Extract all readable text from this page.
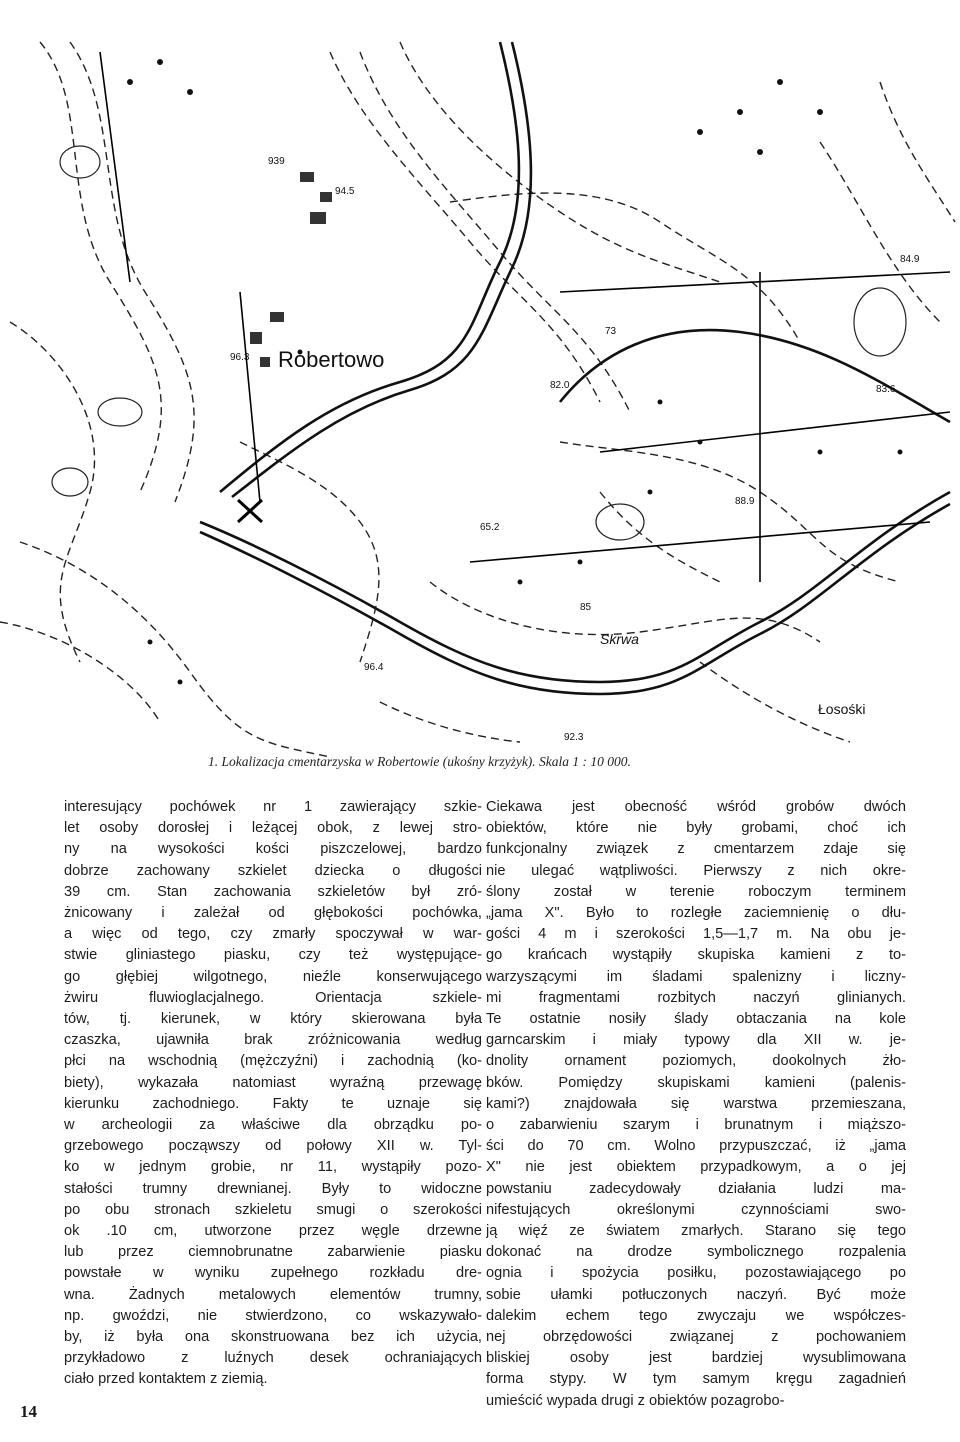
Robertowo
Skrwa
Łosośki
939
94.5
96.3
73
82.0
84.9
83.6
88.9
65.2
85
96.4
92.3
1. Lokalizacja cmentarzyska w Robertowie (ukośny krzyżyk). Skala 1 : 10 000.
interesujący pochówek nr 1 zawierający szkie-
let osoby dorosłej i leżącej obok, z lewej stro-
ny na wysokości kości piszczelowej, bardzo
dobrze zachowany szkielet dziecka o długości
39 cm. Stan zachowania szkieletów był zró-
żnicowany i zależał od głębokości pochówka,
a więc od tego, czy zmarły spoczywał w war-
stwie gliniastego piasku, czy też występujące-
go głębiej wilgotnego, nieźle konserwującego
żwiru fluwioglacjalnego. Orientacja szkiele-
tów, tj. kierunek, w który skierowana była
czaszka, ujawniła brak zróżnicowania według
płci na wschodnią (mężczyźni) i zachodnią (ko-
biety), wykazała natomiast wyraźną przewagę
kierunku zachodniego. Fakty te uznaje się
w archeologii za właściwe dla obrządku po-
grzebowego począwszy od połowy XII w. Tyl-
ko w jednym grobie, nr 11, wystąpiły pozo-
stałości trumny drewnianej. Były to widoczne
po obu stronach szkieletu smugi o szerokości
ok .10 cm, utworzone przez węgle drzewne
lub przez ciemnobrunatne zabarwienie piasku
powstałe w wyniku zupełnego rozkładu dre-
wna. Żadnych metalowych elementów trumny,
np. gwoździ, nie stwierdzono, co wskazywało-
by, iż była ona skonstruowana bez ich użycia,
przykładowo z luźnych desek ochraniających
ciało przed kontaktem z ziemią.
Ciekawa jest obecność wśród grobów dwóch
obiektów, które nie były grobami, choć ich
funkcjonalny związek z cmentarzem zdaje się
nie ulegać wątpliwości. Pierwszy z nich okre-
ślony został w terenie roboczym terminem
„jama X". Było to rozległe zaciemnienię o dłu-
gości 4 m i szerokości 1,5—1,7 m. Na obu je-
go krańcach wystąpiły skupiska kamieni z to-
warzyszącymi im śladami spalenizny i liczny-
mi fragmentami rozbitych naczyń glinianych.
Te ostatnie nosiły ślady obtaczania na kole
garncarskim i miały typowy dla XII w. je-
dnolity ornament poziomych, dookolnych żło-
bków. Pomiędzy skupiskami kamieni (palenis-
kami?) znajdowała się warstwa przemieszana,
o zabarwieniu szarym i brunatnym i miąższo-
ści do 70 cm. Wolno przypuszczać, iż „jama
X" nie jest obiektem przypadkowym, a o jej
powstaniu zadecydowały działania ludzi ma-
nifestujących określonymi czynnościami swo-
ją więź ze światem zmarłych. Starano się tego
dokonać na drodze symbolicznego rozpalenia
ognia i spożycia posiłku, pozostawiającego po
sobie ułamki potłuczonych naczyń. Być może
dalekim echem tego zwyczaju we współczes-
nej obrzędowości związanej z pochowaniem
bliskiej osoby jest bardziej wysublimowana
forma stypy. W tym samym kręgu zagadnień
umieścić wypada drugi z obiektów pozagrobo-
14
